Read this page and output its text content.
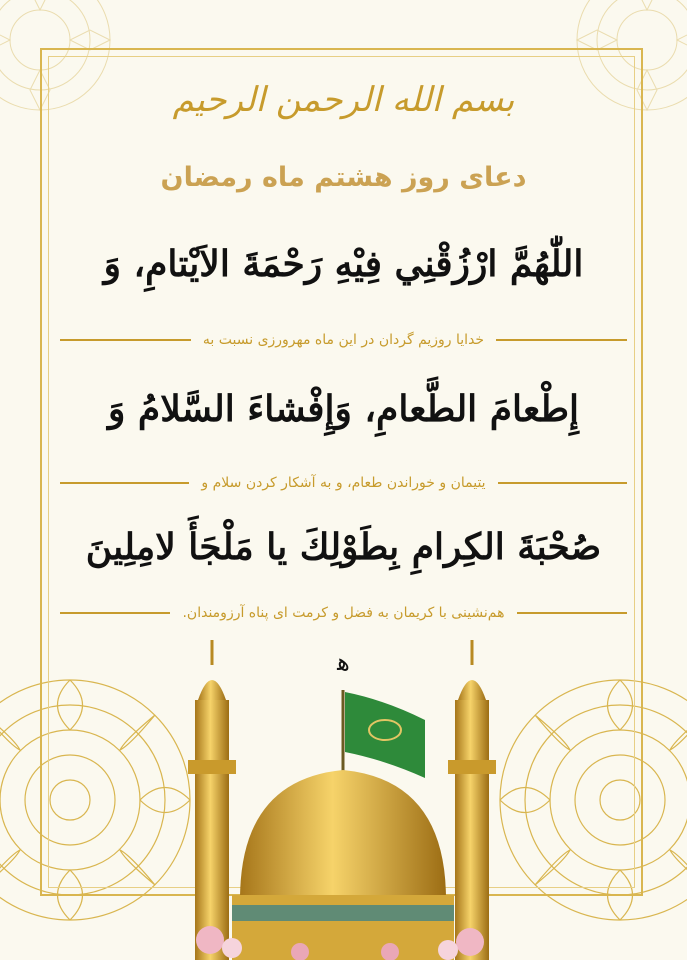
بسم الله الرحمن الرحيم
دعای روز هشتم ماه رمضان
اللّٰهُمَّ ارْزُقْنِي فِيْهِ رَحْمَةَ الاَيْتامِ، وَ
خدایا روزیم گردان در این ماه مهرورزی نسبت به
إِطْعامَ الطَّعامِ، وَإِفْشاءَ السَّلامُ وَ
یتیمان و خوراندن طعام، و به آشکار کردن سلام و
صُحْبَةَ الكِرامِ بِطَوْلِكَ يا مَلْجَأَ لامِلِينَ
هم‌نشینی با کریمان به فضل و کرمت ای پناه آرزومندان.
ﮬ
